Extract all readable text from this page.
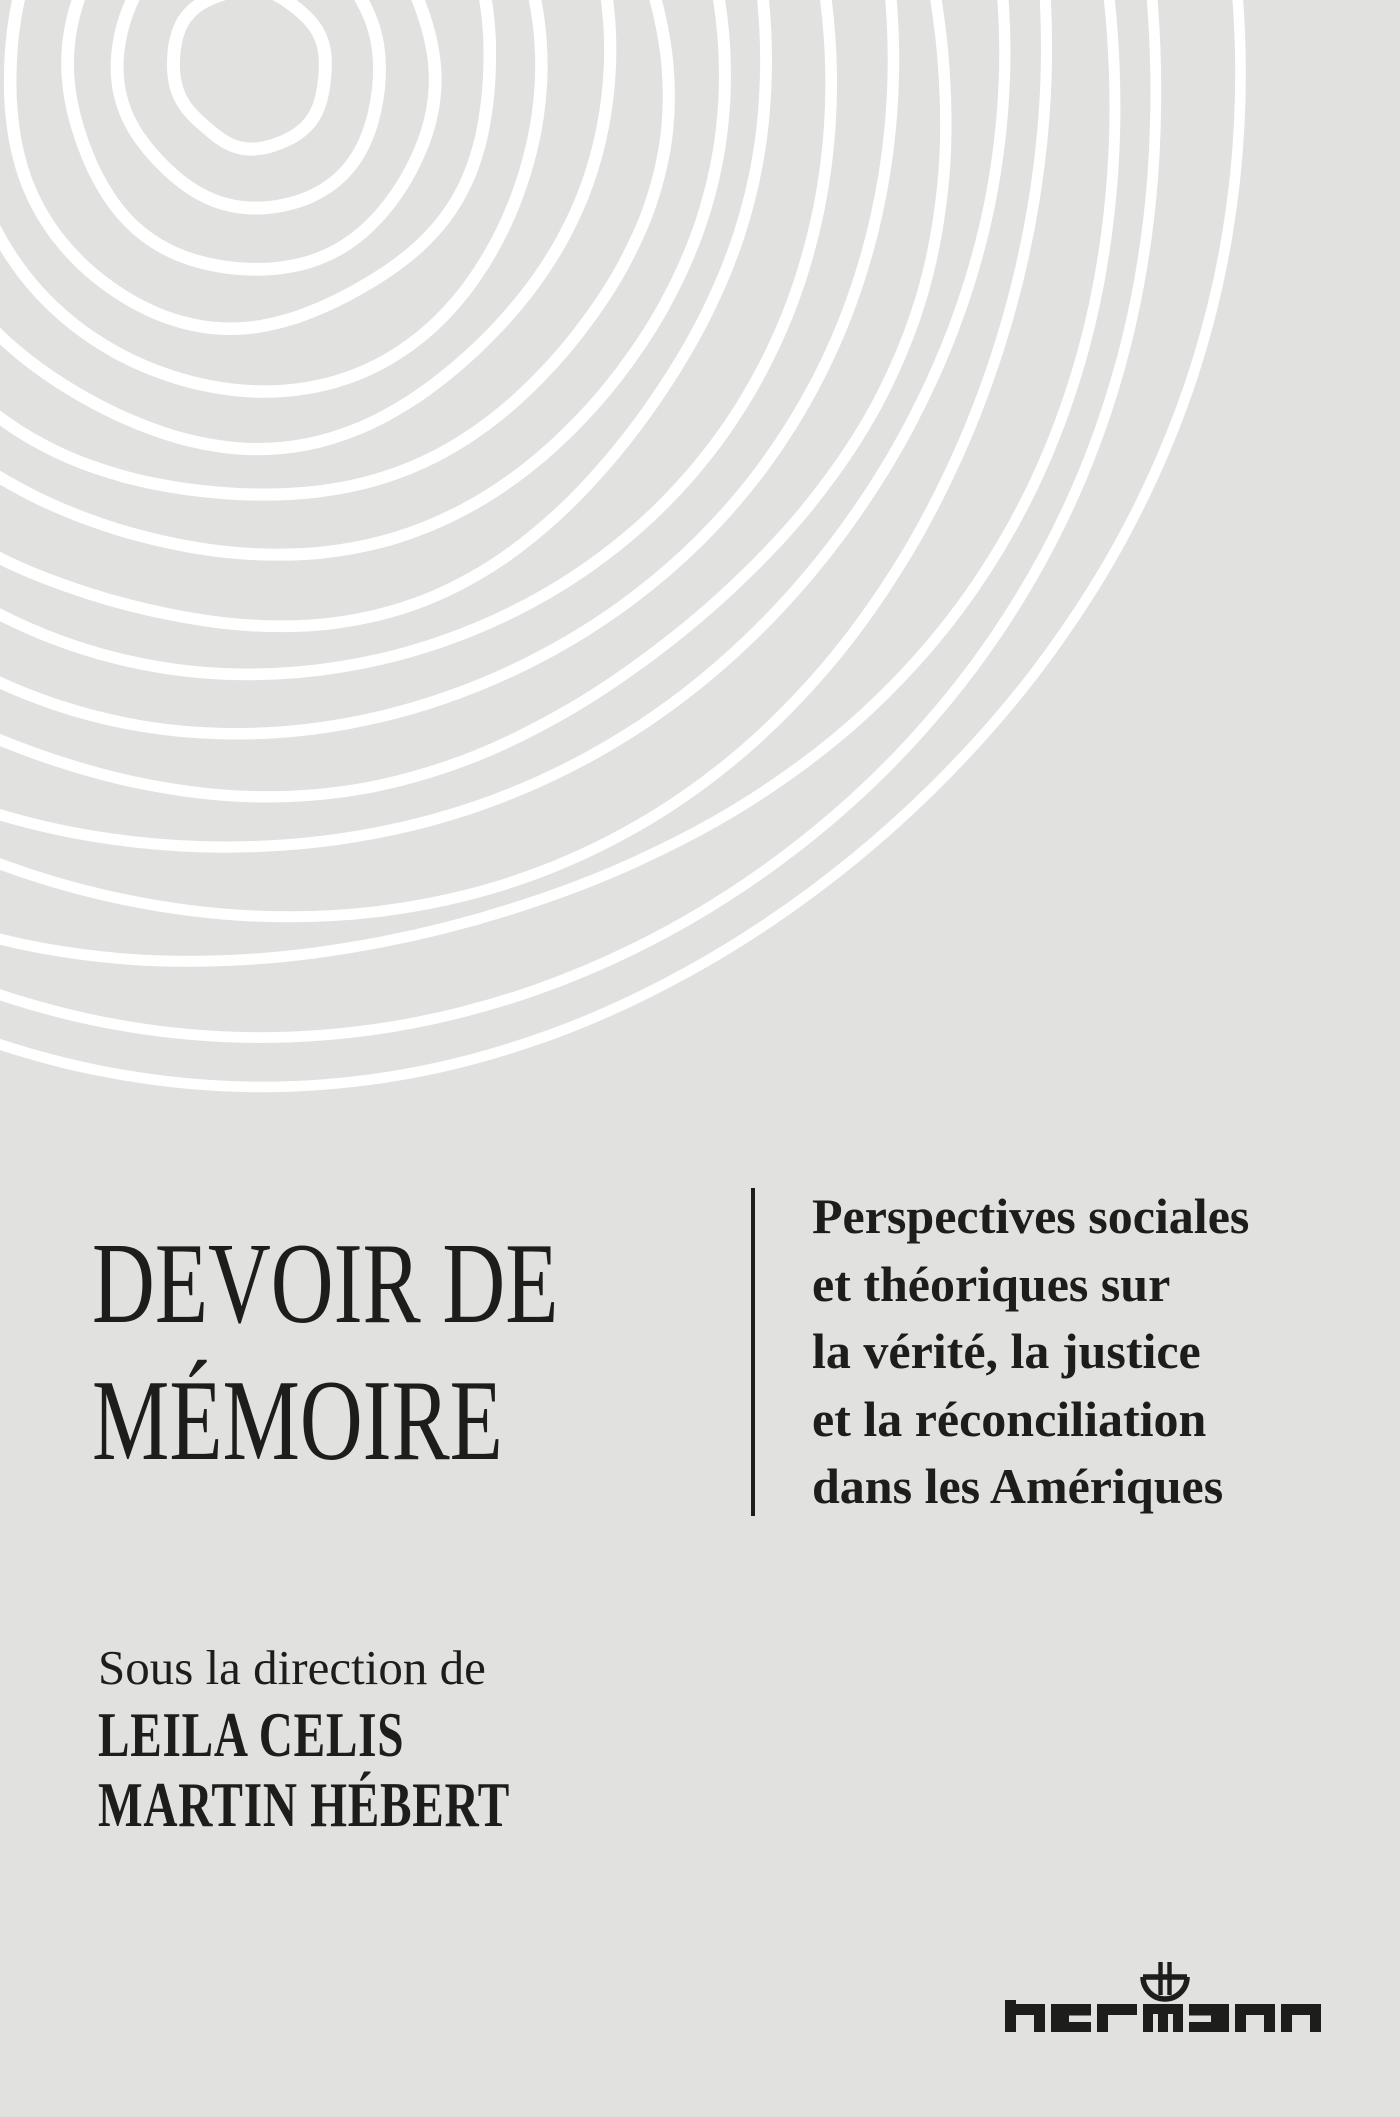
DEVOIR DE
MÉMOIRE
Perspectives sociales
et théoriques sur
la vérité, la justice
et la réconciliation
dans les Amériques
Sous la direction de
LEILA CELIS
MARTIN HÉBERT
